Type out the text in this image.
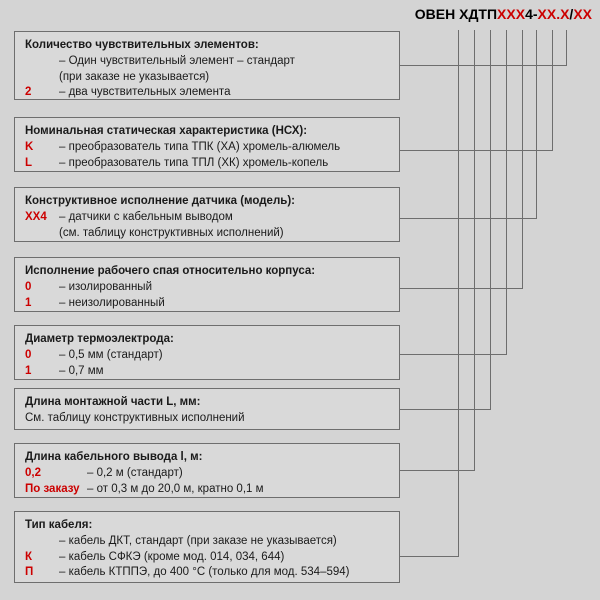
ОВЕН ХДТПХХХ4-ХХ.Х/ХХ
Количество чувствительных элементов:
– Один чувствительный элемент – стандарт
(при заказе не указывается)
2	– два чувствительных элемента
Номинальная статическая характеристика (НСХ):
K	– преобразователь типа ТПК (ХА) хромель-алюмель
L	– преобразователь типа ТПЛ (ХК) хромель-копель
Конструктивное исполнение датчика (модель):
ХХ4	– датчики с кабельным выводом
(см. таблицу конструктивных исполнений)
Исполнение рабочего спая относительно корпуса:
0	– изолированный
1	– неизолированный
Диаметр термоэлектрода:
0	– 0,5 мм (стандарт)
1	– 0,7 мм
Длина монтажной части L, мм:
См. таблицу конструктивных исполнений
Длина кабельного вывода l, м:
0,2	– 0,2 м (стандарт)
По заказу – от 0,3 м до 20,0 м, кратно 0,1 м
Тип кабеля:
– кабель ДКТ, стандарт (при заказе не указывается)
К	– кабель СФКЭ (кроме мод. 014, 034, 644)
П	– кабель КТППЭ, до 400 °С (только для мод. 534–594)
